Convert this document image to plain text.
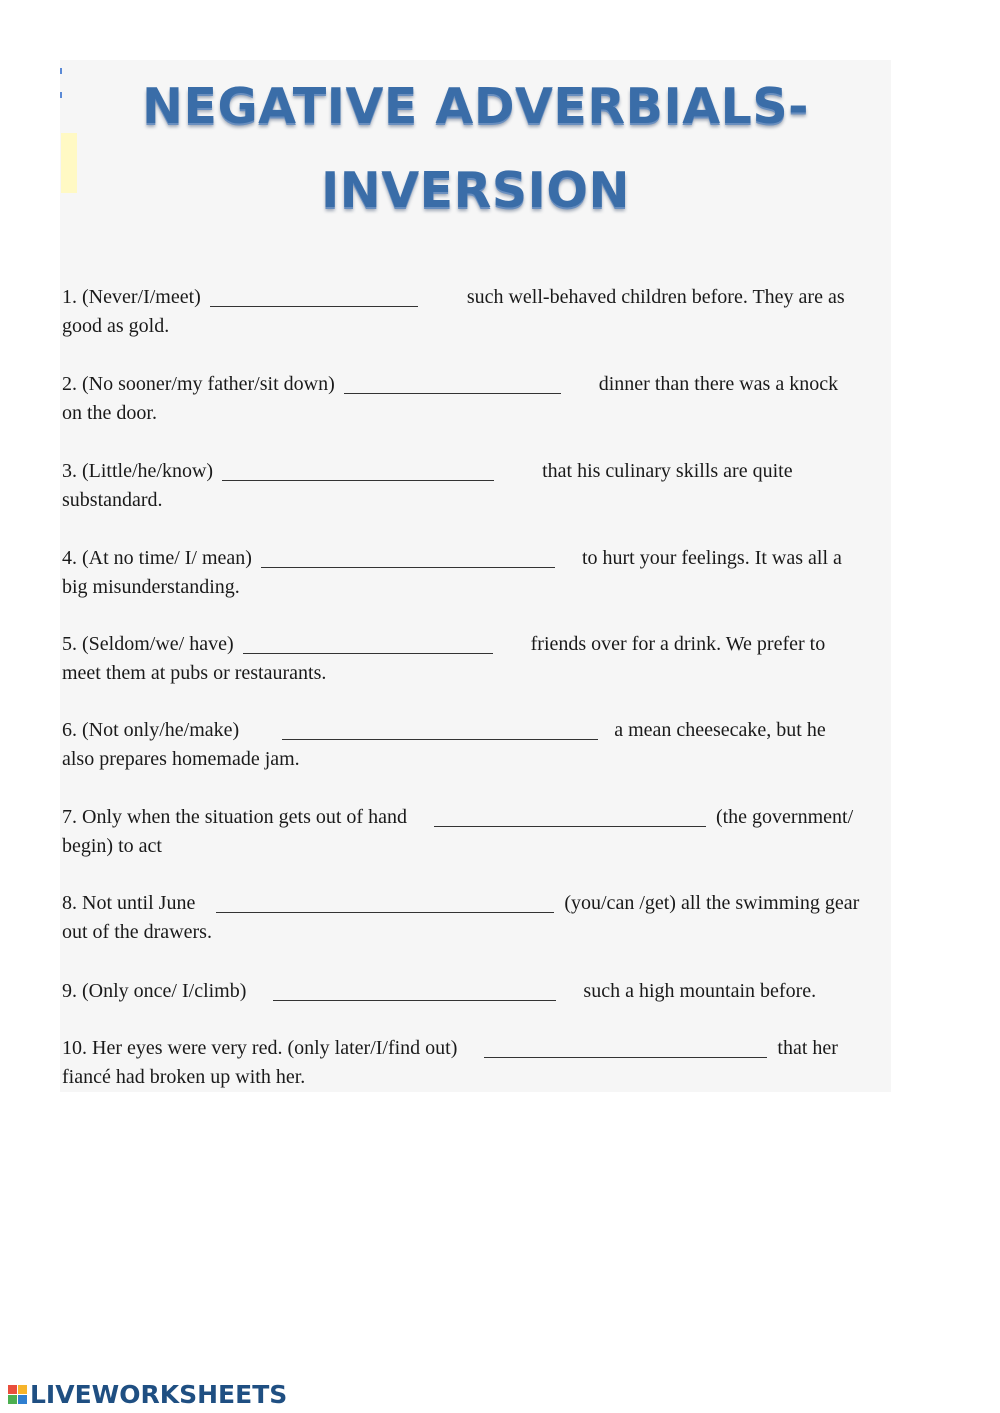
NEGATIVE ADVERBIALS-
INVERSION
1. (Never/I/meet)	such well-behaved children before. They are as
good as gold.
2. (No sooner/my father/sit down)	dinner than there was a knock
on the door.
3. (Little/he/know)	that his culinary skills are quite
substandard.
4. (At no time/ I/ mean)	to hurt your feelings. It was all a
big misunderstanding.
5. (Seldom/we/ have)	friends over for a drink. We prefer to
meet them at pubs or restaurants.
6. (Not only/he/make)	a mean cheesecake, but he
also prepares homemade jam.
7. Only when the situation gets out of hand	(the government/
begin) to act
8. Not until June	(you/can /get) all the swimming gear
out of the drawers.
9. (Only once/ I/climb)	such a high mountain before.
10. Her eyes were very red. (only later/I/find out)	that her
fiancé had broken up with her.
LIVEWORKSHEETS
